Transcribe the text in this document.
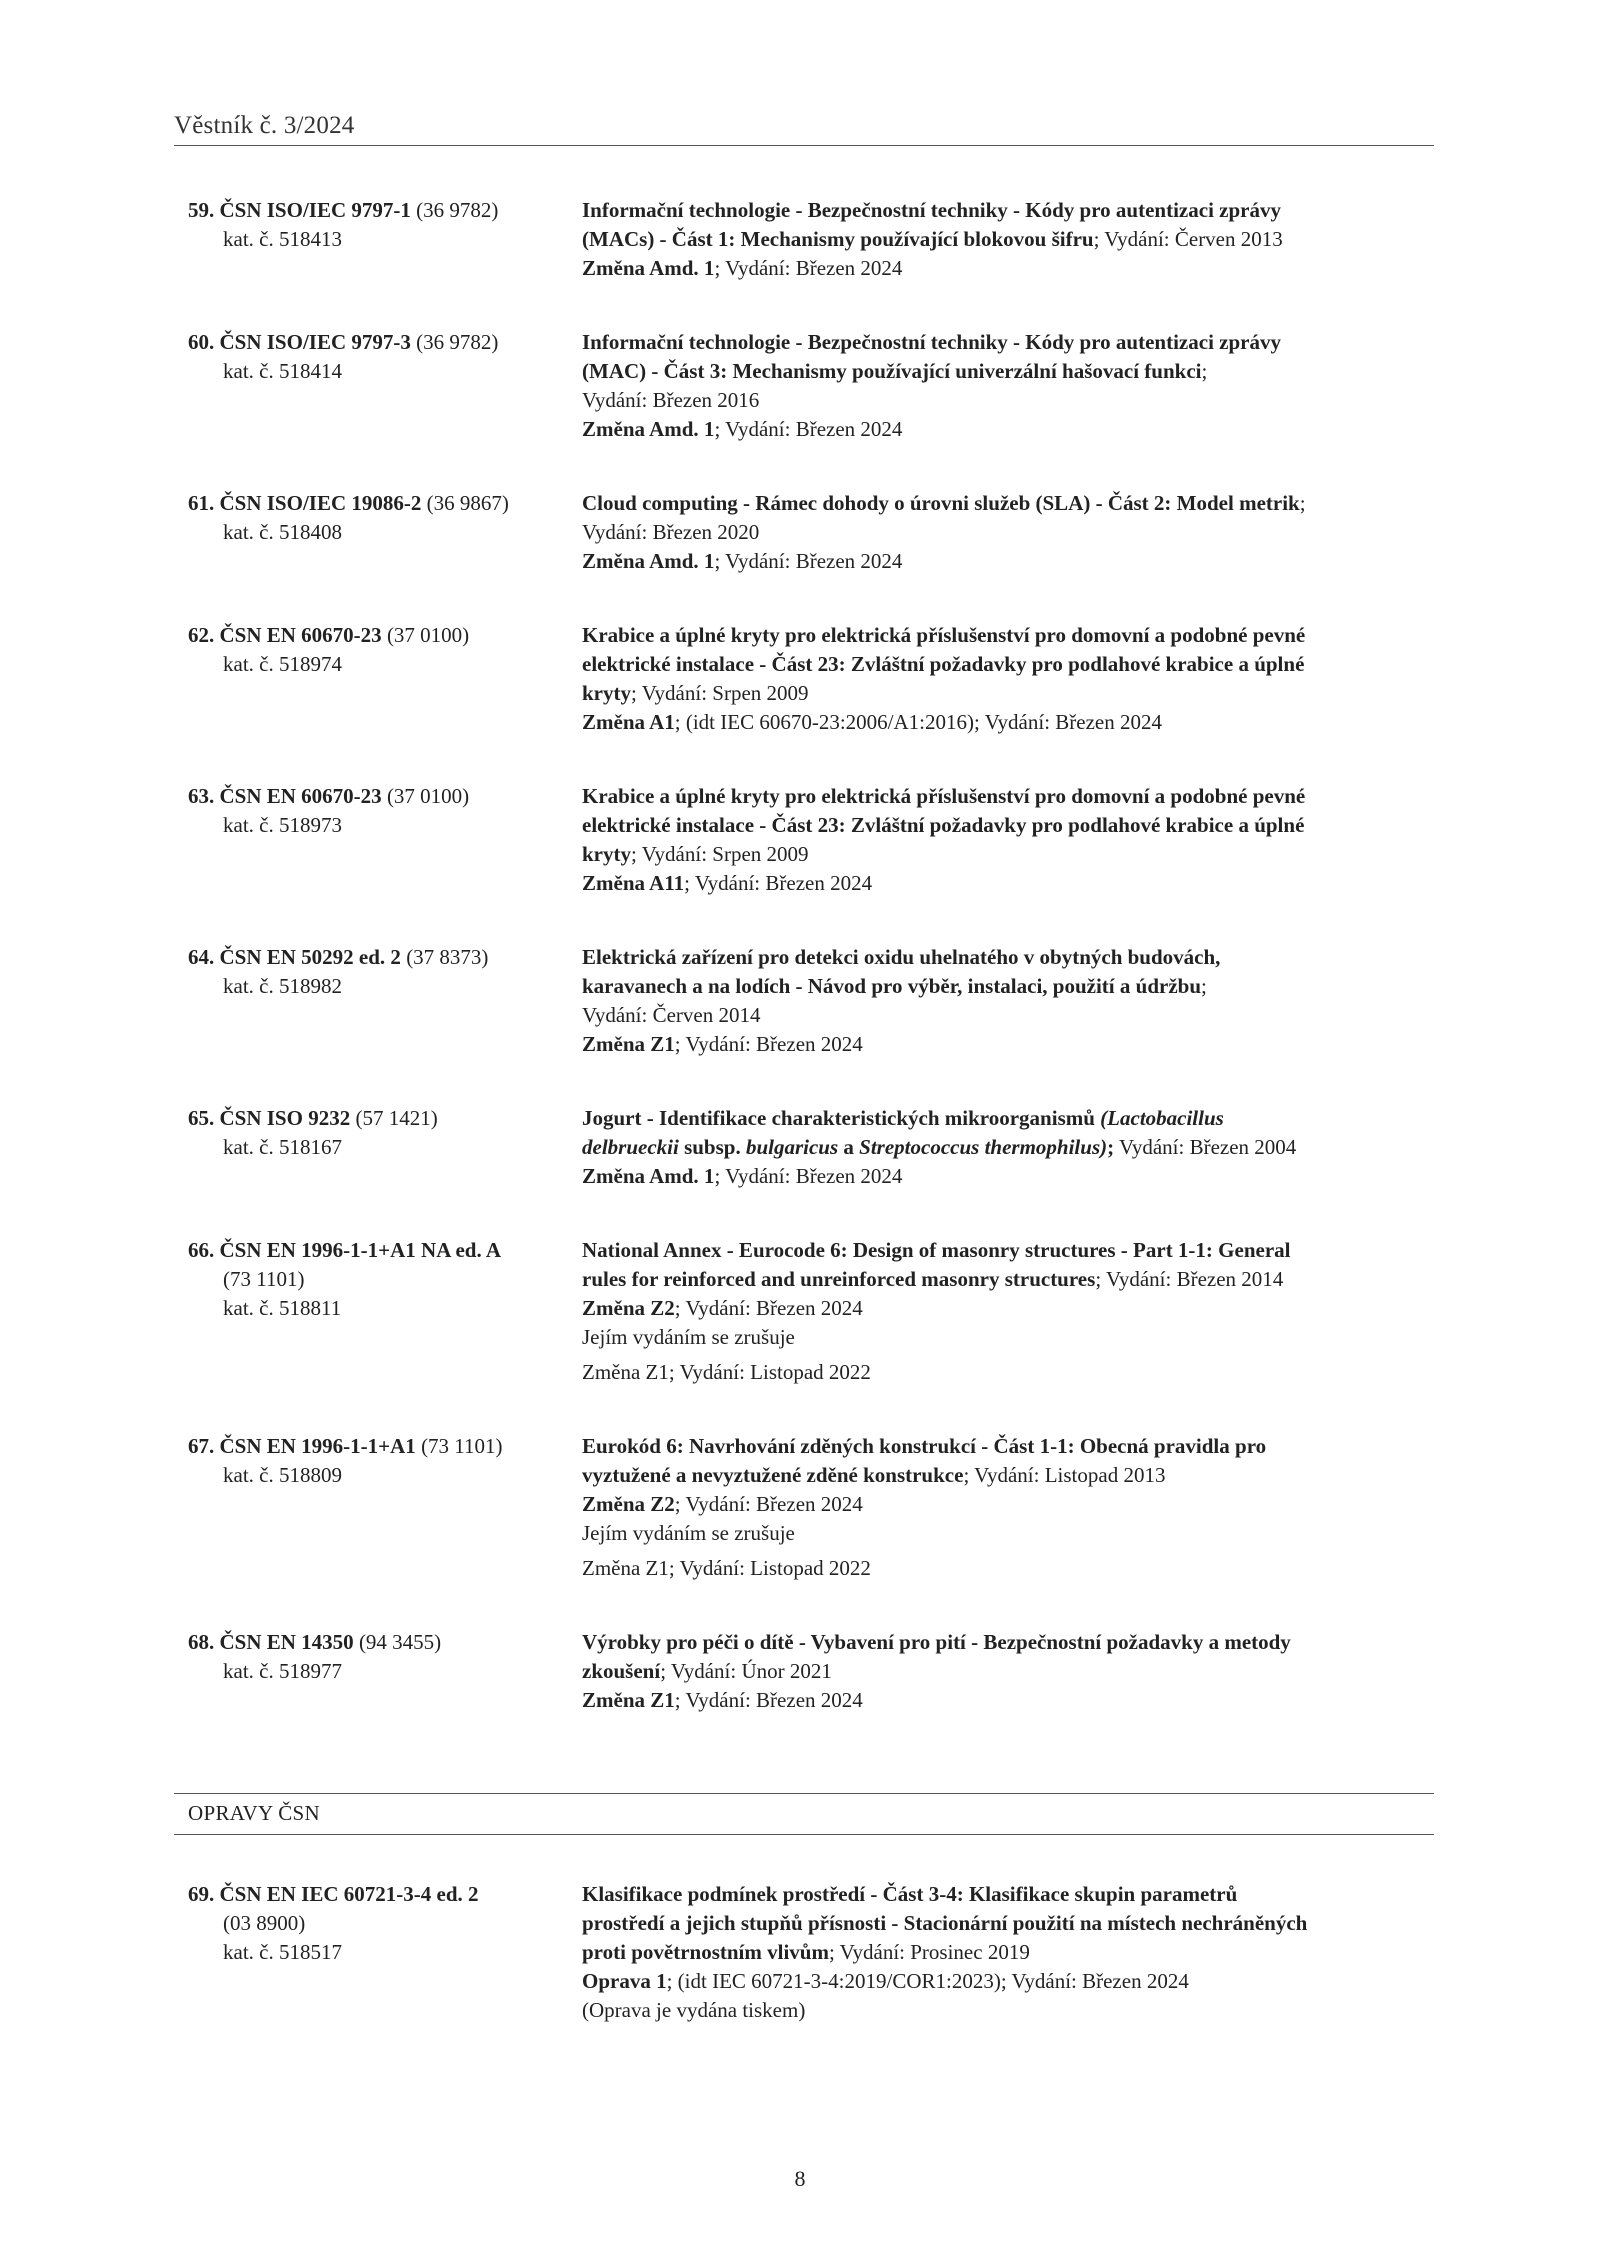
Věstník č. 3/2024
59. ČSN ISO/IEC 9797-1 (36 9782)
kat. č. 518413
Informační technologie - Bezpečnostní techniky - Kódy pro autentizaci zprávy
(MACs) - Část 1: Mechanismy používající blokovou šifru; Vydání: Červen 2013
Změna Amd. 1; Vydání: Březen 2024
60. ČSN ISO/IEC 9797-3 (36 9782)
kat. č. 518414
Informační technologie - Bezpečnostní techniky - Kódy pro autentizaci zprávy
(MAC) - Část 3: Mechanismy používající univerzální hašovací funkci;
Vydání: Březen 2016
Změna Amd. 1; Vydání: Březen 2024
61. ČSN ISO/IEC 19086-2 (36 9867)
kat. č. 518408
Cloud computing - Rámec dohody o úrovni služeb (SLA) - Část 2: Model metrik;
Vydání: Březen 2020
Změna Amd. 1; Vydání: Březen 2024
62. ČSN EN 60670-23 (37 0100)
kat. č. 518974
Krabice a úplné kryty pro elektrická příslušenství pro domovní a podobné pevné
elektrické instalace - Část 23: Zvláštní požadavky pro podlahové krabice a úplné
kryty; Vydání: Srpen 2009
Změna A1; (idt IEC 60670-23:2006/A1:2016); Vydání: Březen 2024
63. ČSN EN 60670-23 (37 0100)
kat. č. 518973
Krabice a úplné kryty pro elektrická příslušenství pro domovní a podobné pevné
elektrické instalace - Část 23: Zvláštní požadavky pro podlahové krabice a úplné
kryty; Vydání: Srpen 2009
Změna A11; Vydání: Březen 2024
64. ČSN EN 50292 ed. 2 (37 8373)
kat. č. 518982
Elektrická zařízení pro detekci oxidu uhelnatého v obytných budovách,
karavanech a na lodích - Návod pro výběr, instalaci, použití a údržbu;
Vydání: Červen 2014
Změna Z1; Vydání: Březen 2024
65. ČSN ISO 9232 (57 1421)
kat. č. 518167
Jogurt - Identifikace charakteristických mikroorganismů (Lactobacillus
delbrueckii subsp. bulgaricus a Streptococcus thermophilus); Vydání: Březen 2004
Změna Amd. 1; Vydání: Březen 2024
66. ČSN EN 1996-1-1+A1 NA ed. A
(73 1101)
kat. č. 518811
National Annex - Eurocode 6: Design of masonry structures - Part 1-1: General
rules for reinforced and unreinforced masonry structures; Vydání: Březen 2014
Změna Z2; Vydání: Březen 2024
Jejím vydáním se zrušuje
Změna Z1; Vydání: Listopad 2022
67. ČSN EN 1996-1-1+A1 (73 1101)
kat. č. 518809
Eurokód 6: Navrhování zděných konstrukcí - Část 1-1: Obecná pravidla pro
vyztužené a nevyztužené zděné konstrukce; Vydání: Listopad 2013
Změna Z2; Vydání: Březen 2024
Jejím vydáním se zrušuje
Změna Z1; Vydání: Listopad 2022
68. ČSN EN 14350 (94 3455)
kat. č. 518977
Výrobky pro péči o dítě - Vybavení pro pití - Bezpečnostní požadavky a metody
zkoušení; Vydání: Únor 2021
Změna Z1; Vydání: Březen 2024
OPRAVY ČSN
69. ČSN EN IEC 60721-3-4 ed. 2
(03 8900)
kat. č. 518517
Klasifikace podmínek prostředí - Část 3-4: Klasifikace skupin parametrů
prostředí a jejich stupňů přísnosti - Stacionární použití na místech nechráněných
proti povětrnostním vlivům; Vydání: Prosinec 2019
Oprava 1; (idt IEC 60721-3-4:2019/COR1:2023); Vydání: Březen 2024
(Oprava je vydána tiskem)
8
